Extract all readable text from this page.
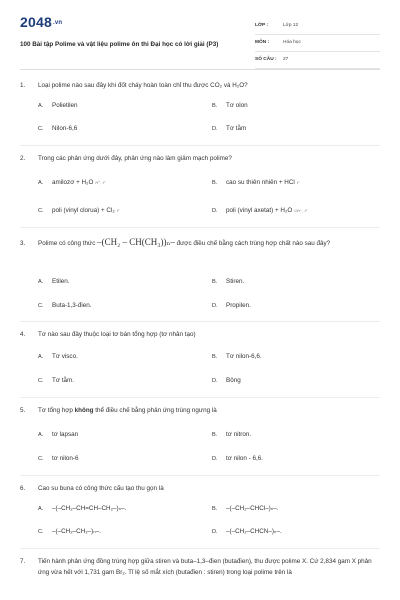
2048.vn
100 Bài tập Polime và vật liệu polime ôn thi Đại học có lời giải (P3)
LỚP :	Lớp 12
MÔN :	Hóa học
SỐ CÂU : 27
1. Loại polime nào sau đây khi đốt cháy hoàn toàn chỉ thu được CO₂ và H₂O?
A. Polietilen	B. Tơ olon
C. Nilon-6,6	D. Tơ tằm
2. Trong các phản ứng dưới đây, phản ứng nào làm giảm mạch polime?
A. amilozơ + H₂O H⁺, t°	B. cao su thiên nhiên + HCl t°
C. poli (vinyl clorua) + Cl₂ t°	D. poli (vinyl axetat) + H₂O OH⁻, t°
3. Polime có công thức –(CH₂ – CH(CH₃))ₙ– được điều chế bằng cách trùng hợp chất nào sau đây?
A. Etilen.	B. Stiren.
C. Buta-1,3-đien.	D. Propilen.
4. Tơ nào sau đây thuộc loại tơ bán tổng hợp (tơ nhân tạo)
A. Tơ visco.	B. Tơ nilon-6,6.
C. Tơ tằm.	D. Bông
5. Tơ tổng hợp không thể điều chế bằng phản ứng trùng ngưng là
A. tơ lapsan	B. tơ nitron.
C. tơ nilon-6	D. tơ nilon - 6,6.
6. Cao su buna có công thức cấu tạo thu gọn là
A. –(–CH₂–CH=CH–CH₂–)ₙ–.	B. –(–CH₂–CHCl–)ₙ–.
C. –(–CH₂–CH₂–)ₙ–.	D. –(–CH₂–CHCN–)ₙ–.
7. Tiến hành phản ứng đồng trùng hợp giữa stiren và buta–1,3–đien (butađien), thu được polime X. Cứ 2,834 gam X phản ứng vừa hết với 1,731 gam Br₂. Tỉ lệ số mắt xích (butađien : stiren) trong loại polime trên là
